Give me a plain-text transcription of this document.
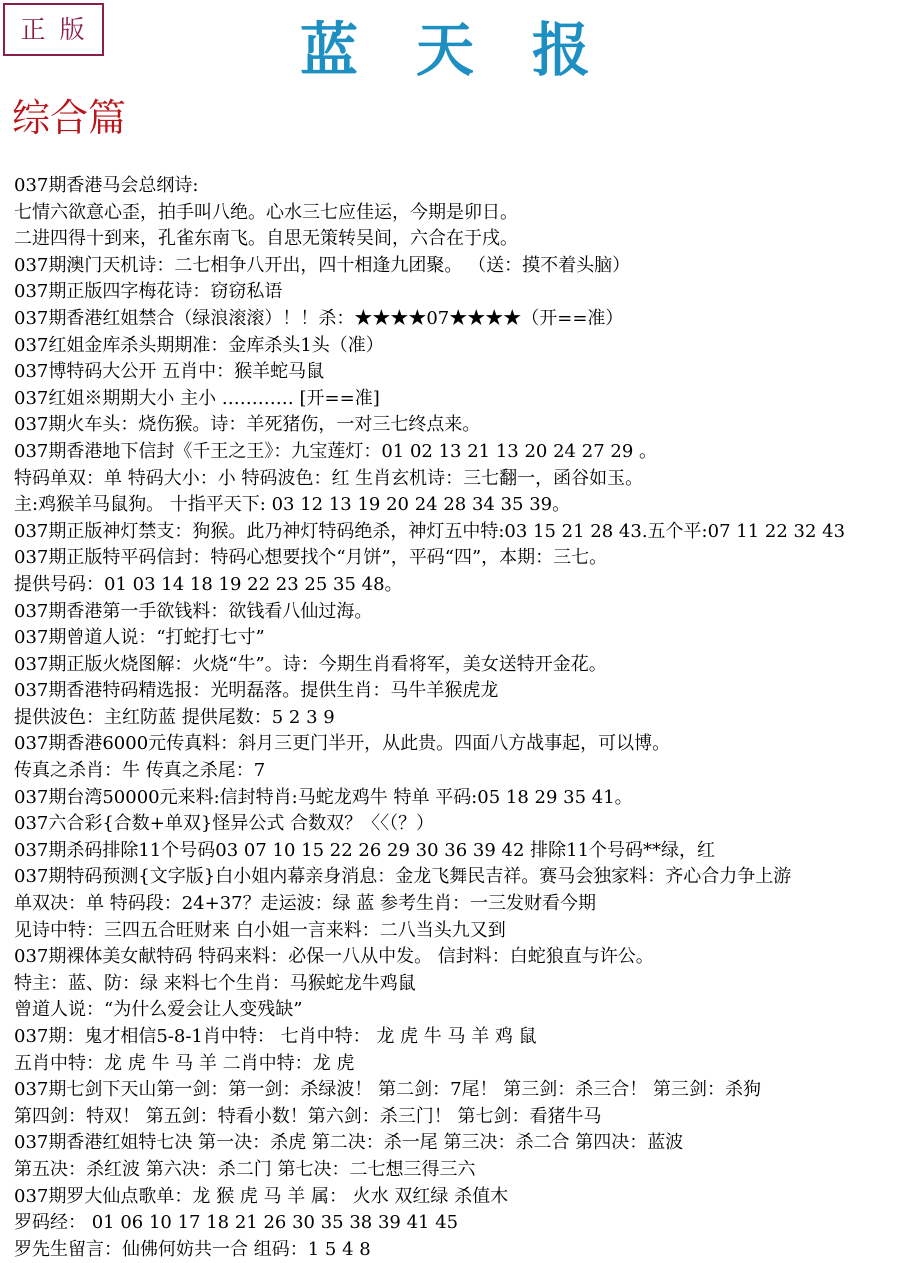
正版	蓝天报
综合篇
037期香港马会总纲诗:
七情六欲意心歪，拍手叫八绝。心水三七应佳运，今期是卯日。
二进四得十到来，孔雀东南飞。自思无策转吴间，六合在于戌。
037期澳门天机诗：二七相争八开出，四十相逢九团聚。 （送：摸不着头脑）
037期正版四字梅花诗：窃窃私语
037期香港红姐禁合（绿浪滚滚）！！杀：★★★★07★★★★（开==准）
037红姐金库杀头期期准：金库杀头1头（准）
037博特码大公开 五肖中：猴羊蛇马鼠
037红姐※期期大小 主小 ………… [开==准]
037期火车头：烧伤猴。诗：羊死猪伤，一对三七终点来。
037期香港地下信封《千王之王》：九宝莲灯：01 02 13 21 13 20 24 27 29 。
特码单双：单 特码大小：小 特码波色：红 生肖玄机诗：三七翻一，函谷如玉。
主:鸡猴羊马鼠狗。 十指平天下: 03 12 13 19 20 24 28 34 35 39。
037期正版神灯禁支：狗猴。此乃神灯特码绝杀，神灯五中特:03 15 21 28 43.五个平:07 11 22 32 43
037期正版特平码信封：特码心想要找个“月饼”，平码“四”，本期：三七。
提供号码：01 03 14 18 19 22 23 25 35 48。
037期香港第一手欲钱料：欲钱看八仙过海。
037期曾道人说：“打蛇打七寸”
037期正版火烧图解：火烧“牛”。诗：今期生肖看将军，美女送特开金花。
037期香港特码精选报：光明磊落。提供生肖：马牛羊猴虎龙
提供波色：主红防蓝 提供尾数：5 2 3 9
037期香港6000元传真料：斜月三更门半开，从此贵。四面八方战事起，可以博。
传真之杀肖：牛 传真之杀尾：7
037期台湾50000元来料:信封特肖:马蛇龙鸡牛 特单 平码:05 18 29 35 41。
037六合彩{合数+单双}怪异公式 合数双？〈〈（？）
037期杀码排除11个号码03 07 10 15 22 26 29 30 36 39 42 排除11个号码**绿，红
037期特码预测{文字版}白小姐内幕亲身消息：金龙飞舞民吉祥。赛马会独家料：齐心合力争上游
单双决：单 特码段：24+37？走运波：绿 蓝 参考生肖：一三发财看今期
见诗中特：三四五合旺财来 白小姐一言来料：二八当头九又到
037期裸体美女献特码 特码来料：必保一八从中发。 信封料：白蛇狼直与许公。
特主：蓝、防：绿 来料七个生肖：马猴蛇龙牛鸡鼠
曾道人说：“为什么爱会让人变残缺”
037期：鬼才相信5-8-1肖中特： 七肖中特： 龙 虎 牛 马 羊 鸡 鼠
五肖中特：龙 虎 牛 马 羊 二肖中特：龙 虎
037期七剑下天山第一剑：第一剑：杀绿波！ 第二剑：7尾！ 第三剑：杀三合！ 第三剑：杀狗
第四剑：特双！ 第五剑：特看小数！第六剑：杀三门！ 第七剑：看猪牛马
037期香港红姐特七决 第一决：杀虎 第二决：杀一尾 第三决：杀二合 第四决：蓝波
第五决：杀红波 第六决：杀二门 第七决：二七想三得三六
037期罗大仙点歌单：龙 猴 虎 马 羊 属： 火水 双红绿 杀值木
罗码经： 01 06 10 17 18 21 26 30 35 38 39 41 45
罗先生留言：仙佛何妨共一合 组码：1 5 4 8
